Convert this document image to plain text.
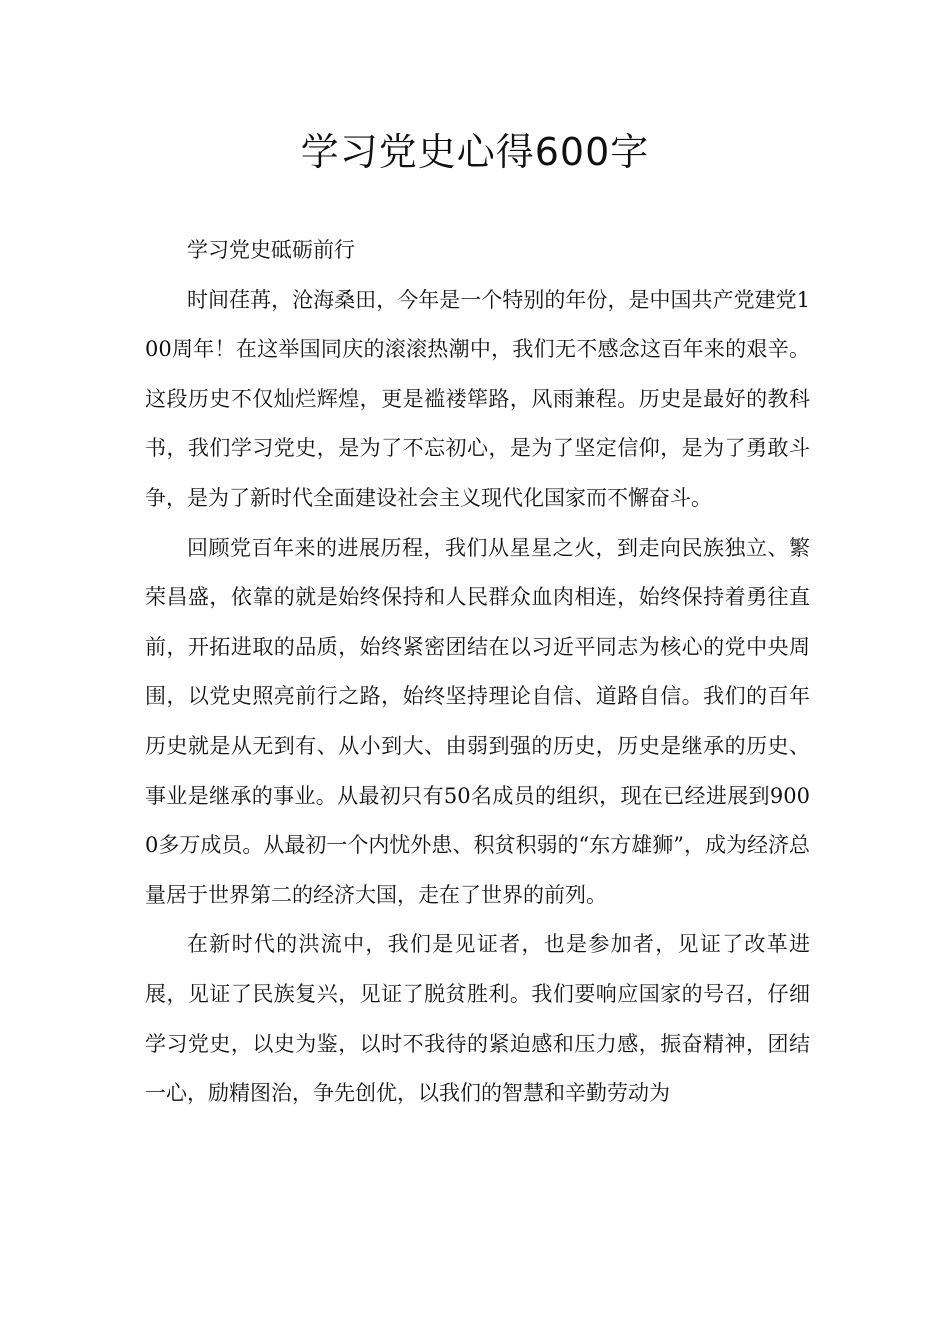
学习党史心得600字

学习党史砥砺前行

时间荏苒，沧海桑田，今年是一个特别的年份，是中国共产党建党100周年！在这举国同庆的滚滚热潮中，我们无不感念这百年来的艰辛。这段历史不仅灿烂辉煌，更是褴褛筚路，风雨兼程。历史是最好的教科书，我们学习党史，是为了不忘初心，是为了坚定信仰，是为了勇敢斗争，是为了新时代全面建设社会主义现代化国家而不懈奋斗。

回顾党百年来的进展历程，我们从星星之火，到走向民族独立、繁荣昌盛，依靠的就是始终保持和人民群众血肉相连，始终保持着勇往直前，开拓进取的品质，始终紧密团结在以习近平同志为核心的党中央周围，以党史照亮前行之路，始终坚持理论自信、道路自信。我们的百年历史就是从无到有、从小到大、由弱到强的历史，历史是继承的历史、事业是继承的事业。从最初只有50名成员的组织，现在已经进展到9000多万成员。从最初一个内忧外患、积贫积弱的“东方雄狮”，成为经济总量居于世界第二的经济大国，走在了世界的前列。

在新时代的洪流中，我们是见证者，也是参加者，见证了改革进展，见证了民族复兴，见证了脱贫胜利。我们要响应国家的号召，仔细学习党史，以史为鉴，以时不我待的紧迫感和压力感，振奋精神，团结一心，励精图治，争先创优，以我们的智慧和辛勤劳动为
